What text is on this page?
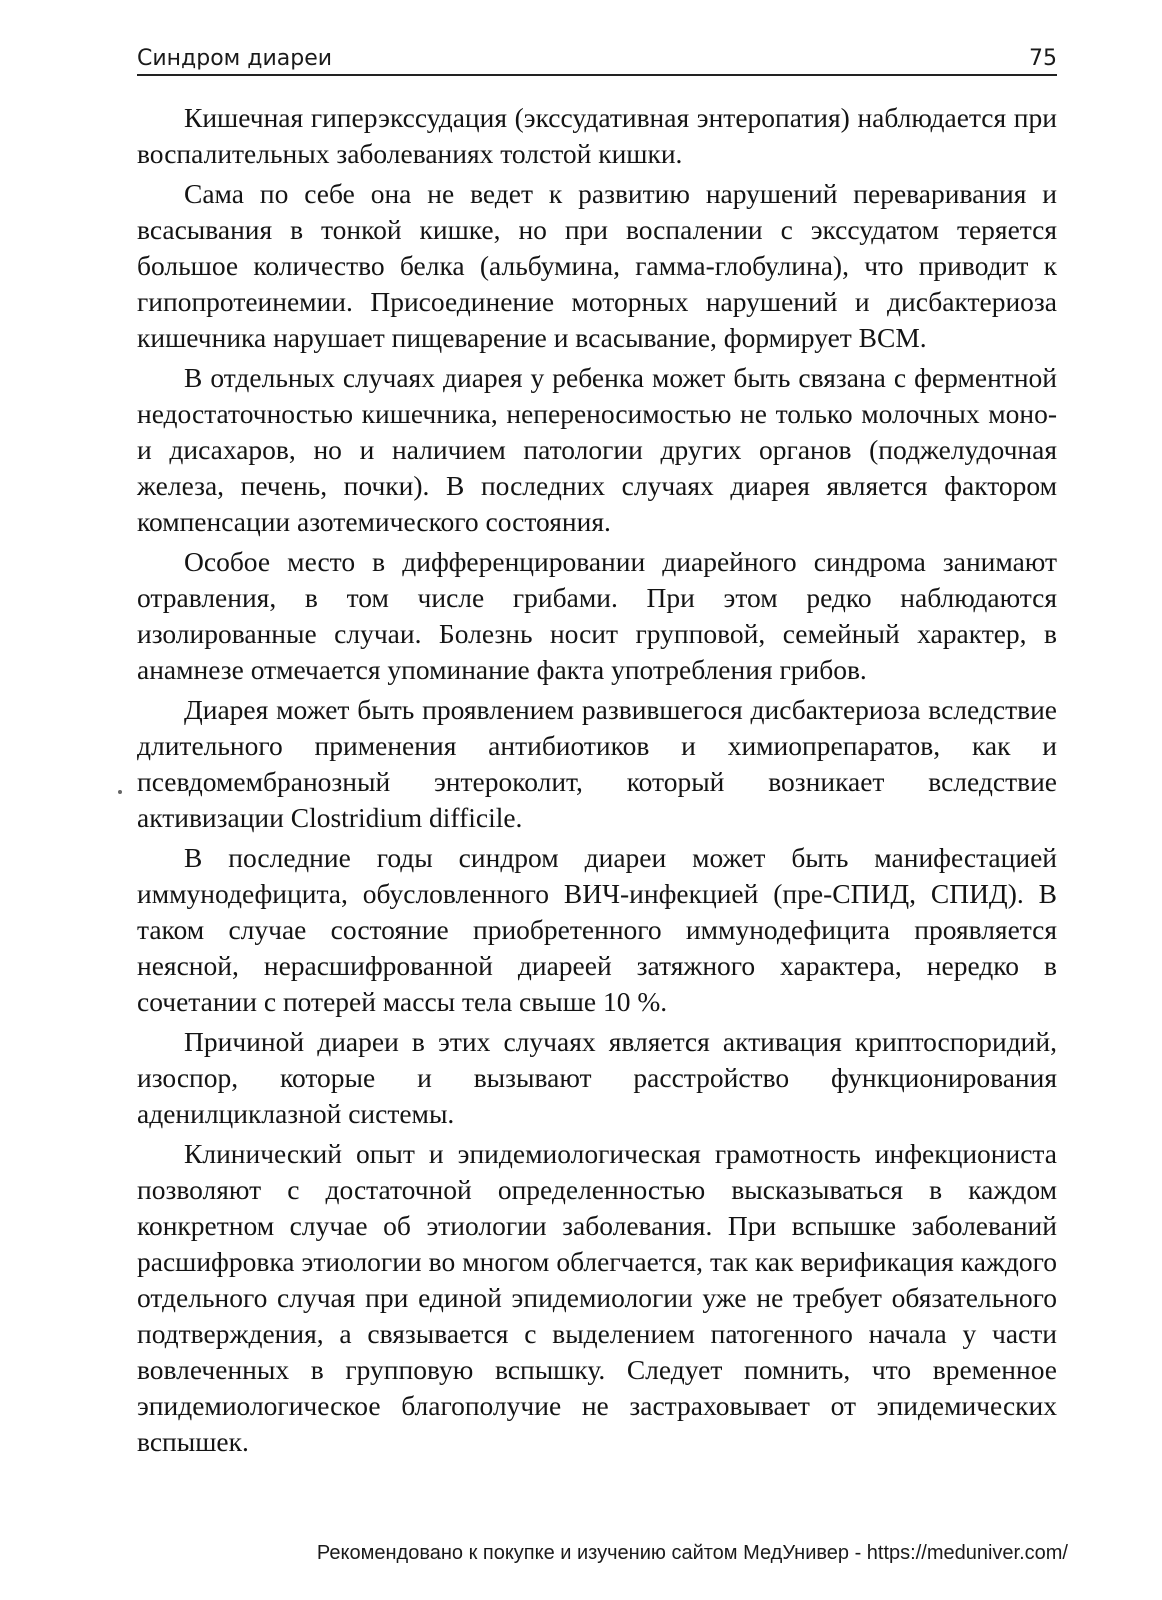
Синдром диареи	75

Кишечная гиперэкссудация (экссудативная энтеропатия) наблюдается при воспалительных заболеваниях толстой кишки.

Сама по себе она не ведет к развитию нарушений переваривания и всасывания в тонкой кишке, но при воспалении с экссудатом теряется большое количество белка (альбумина, гамма-глобулина), что приводит к гипопротеинемии. Присоединение моторных нарушений и дисбактериоза кишечника нарушает пищеварение и всасывание, формирует ВСМ.

В отдельных случаях диарея у ребенка может быть связана с ферментной недостаточностью кишечника, непереносимостью не только молочных моно- и дисахаров, но и наличием патологии других органов (поджелудочная железа, печень, почки). В последних случаях диарея является фактором компенсации азотемического состояния.

Особое место в дифференцировании диарейного синдрома занимают отравления, в том числе грибами. При этом редко наблюдаются изолированные случаи. Болезнь носит групповой, семейный характер, в анамнезе отмечается упоминание факта употребления грибов.

Диарея может быть проявлением развившегося дисбактериоза вследствие длительного применения антибиотиков и химиопрепаратов, как и псевдомембранозный энтероколит, который возникает вследствие активизации Clostridium difficile.

В последние годы синдром диареи может быть манифестацией иммунодефицита, обусловленного ВИЧ-инфекцией (пре-СПИД, СПИД). В таком случае состояние приобретенного иммунодефицита проявляется неясной, нерасшифрованной диареей затяжного характера, нередко в сочетании с потерей массы тела свыше 10 %.

Причиной диареи в этих случаях является активация криптоспоридий, изоспор, которые и вызывают расстройство функционирования аденилциклазной системы.

Клинический опыт и эпидемиологическая грамотность инфекциониста позволяют с достаточной определенностью высказываться в каждом конкретном случае об этиологии заболевания. При вспышке заболеваний расшифровка этиологии во многом облегчается, так как верификация каждого отдельного случая при единой эпидемиологии уже не требует обязательного подтверждения, а связывается с выделением патогенного начала у части вовлеченных в групповую вспышку. Следует помнить, что временное эпидемиологическое благополучие не застраховывает от эпидемических вспышек.

Рекомендовано к покупке и изучению сайтом МедУнивер - https://meduniver.com/
